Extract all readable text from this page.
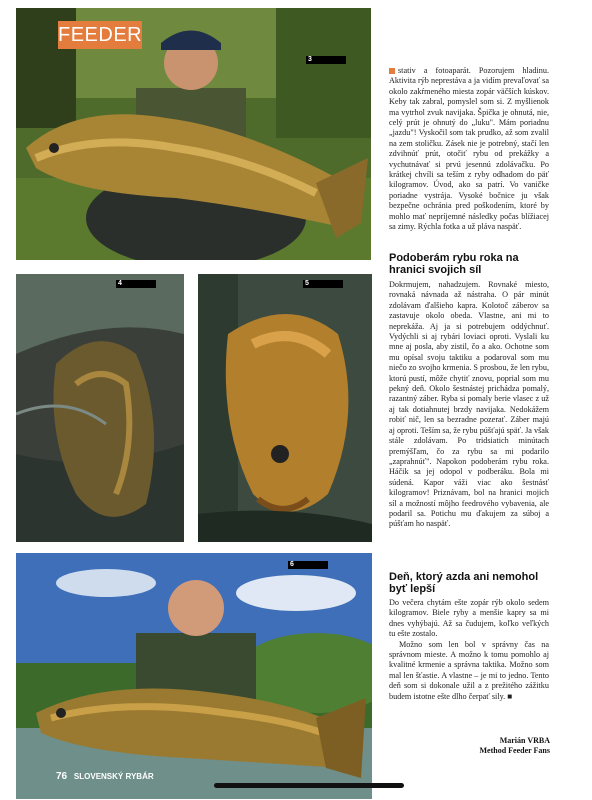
3
FEEDER
4	5
6
76 SLOVENSKÝ RYBÁR

stativ a fotoaparát. Pozorujem hladinu. Aktivita rýb neprestáva a ja vidím prevaľovať sa okolo zakŕmeného miesta zopár väčších kúskov. Keby tak zabral, pomyslel som si. Z myšlienok ma vytrhol zvuk navijaka. Špička je ohnutá, nie, celý prút je ohnutý do „luku". Mám poriadnu „jazdu"! Vyskočil som tak prudko, až som zvalil na zem stoličku. Zásek nie je potrebný, stačí len zdvihnúť prút, otočiť rybu od prekážky a vychutnávať si prvú jesennú zdolávačku. Po krátkej chvíli sa teším z ryby odhadom do päť kilogramov. Úvod, ako sa patrí. Vo vaničke poriadne vystrája. Vysoké bočnice ju však bezpečne ochránia pred poškodením, ktoré by mohlo mať nepríjemné následky počas blížiacej sa zimy. Rýchla fotka a už pláva naspäť.

Podoberám rybu roka na hranici svojich síl

Dokrmujem, nahadzujem. Rovnaké miesto, rovnaká návnada až nástraha. O pár minút zdolávam ďalšieho kapra. Kolotoč záberov sa zastavuje okolo obeda. Vlastne, ani mi to neprekáža. Aj ja si potrebujem oddýchnuť. Vydýchli si aj rybári loviaci oproti. Vyslali ku mne aj posla, aby zistil, čo a ako. Ochotne som mu opísal svoju taktiku a podaroval som mu niečo zo svojho krmenia. S prosbou, že len rybu, ktorú pustí, môže chytiť znovu, poprial som mu pekný deň. Okolo šestnástej prichádza pomalý, razantný záber. Ryba si pomaly berie vlasec z už aj tak dotiahnutej brzdy navijaka. Nedokážem robiť nič, len sa bezradne pozerať. Záber majú aj oproti. Teším sa, že rybu púšťajú späť. Ja však stále zdolávam. Po tridsiatich minútach premýšľam, čo za rybu sa mi podarilo „zaprahnúť". Napokon podoberám rybu roka. Háčik sa jej odopol v podberáku. Bola mi súdená. Kapor váži viac ako šestnásť kilogramov! Priznávam, bol na hranici mojich síl a možností môjho feedrového vybavenia, ale podaril sa. Potichu mu ďakujem za súboj a púšťam ho naspäť.

Deň, ktorý azda ani nemohol byť lepší

Do večera chytám ešte zopár rýb okolo sedem kilogramov. Biele ryby a menšie kapry sa mi dnes vyhýbajú. Až sa čudujem, koľko veľkých tu ešte zostalo.

Možno som len bol v správny čas na správnom mieste. A možno k tomu pomohlo aj kvalitné krmenie a správna taktika. Možno som mal len šťastie. A vlastne – je mi to jedno. Tento deň som si dokonale užil a z prežitého zážitku budem istotne ešte dlho čerpať sily. ■

Marián VRBA
Method Feeder Fans
